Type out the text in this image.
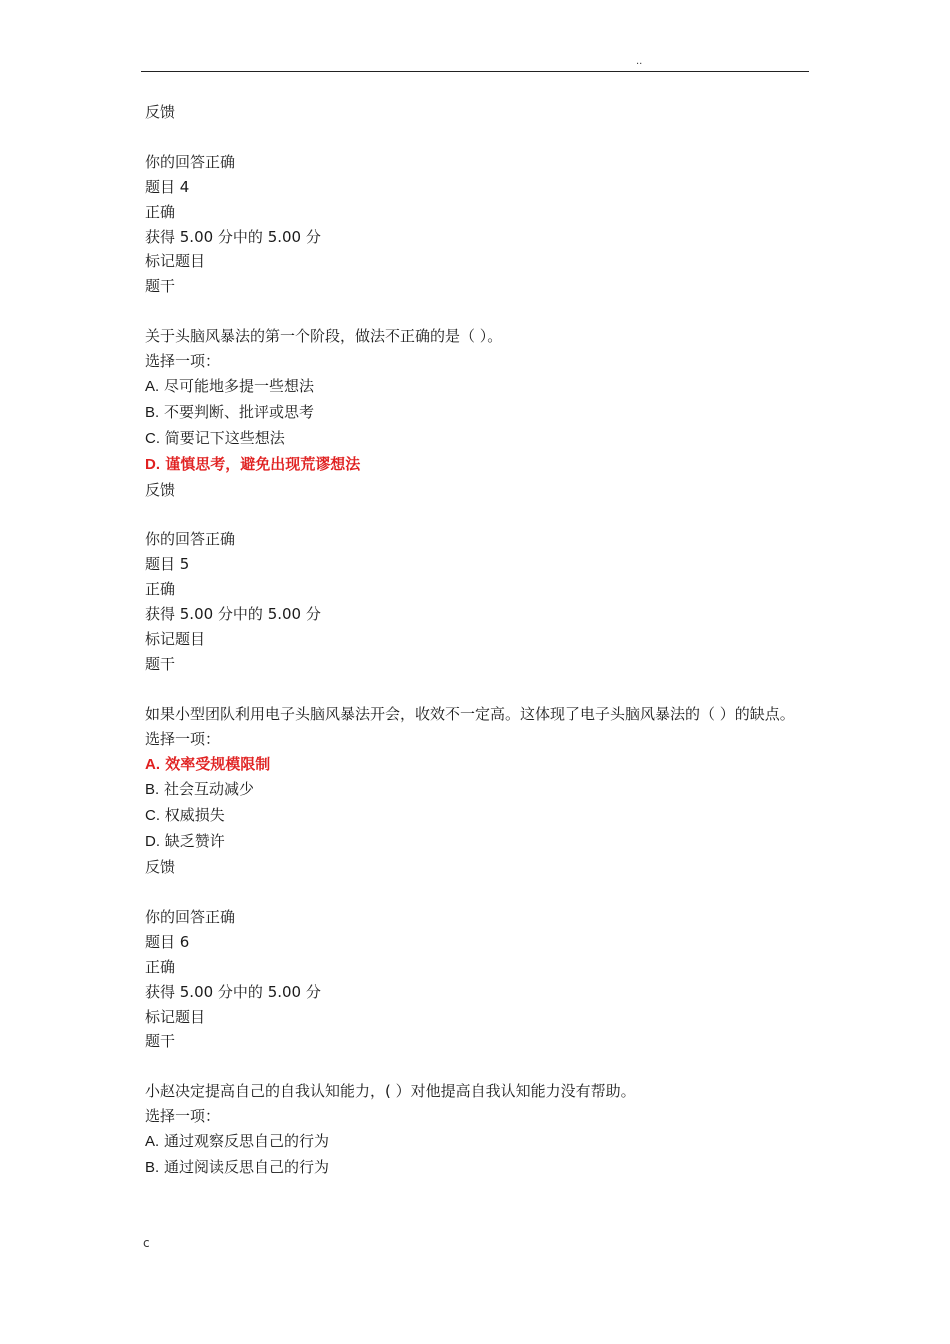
..
反馈
你的回答正确
题目 4
正确
获得 5.00 分中的 5.00 分
标记题目
题干
关于头脑风暴法的第一个阶段，做法不正确的是（ ）。
选择一项：
A. 尽可能地多提一些想法
B. 不要判断、批评或思考
C. 简要记下这些想法
D. 谨慎思考，避免出现荒谬想法
反馈
你的回答正确
题目 5
正确
获得 5.00 分中的 5.00 分
标记题目
题干
如果小型团队利用电子头脑风暴法开会，收效不一定高。这体现了电子头脑风暴法的（ ）的缺点。
选择一项：
A. 效率受规模限制
B. 社会互动减少
C. 权威损失
D. 缺乏赞许
反馈
你的回答正确
题目 6
正确
获得 5.00 分中的 5.00 分
标记题目
题干
小赵决定提高自己的自我认知能力，( ）对他提高自我认知能力没有帮助。
选择一项：
A. 通过观察反思自己的行为
B. 通过阅读反思自己的行为
c
